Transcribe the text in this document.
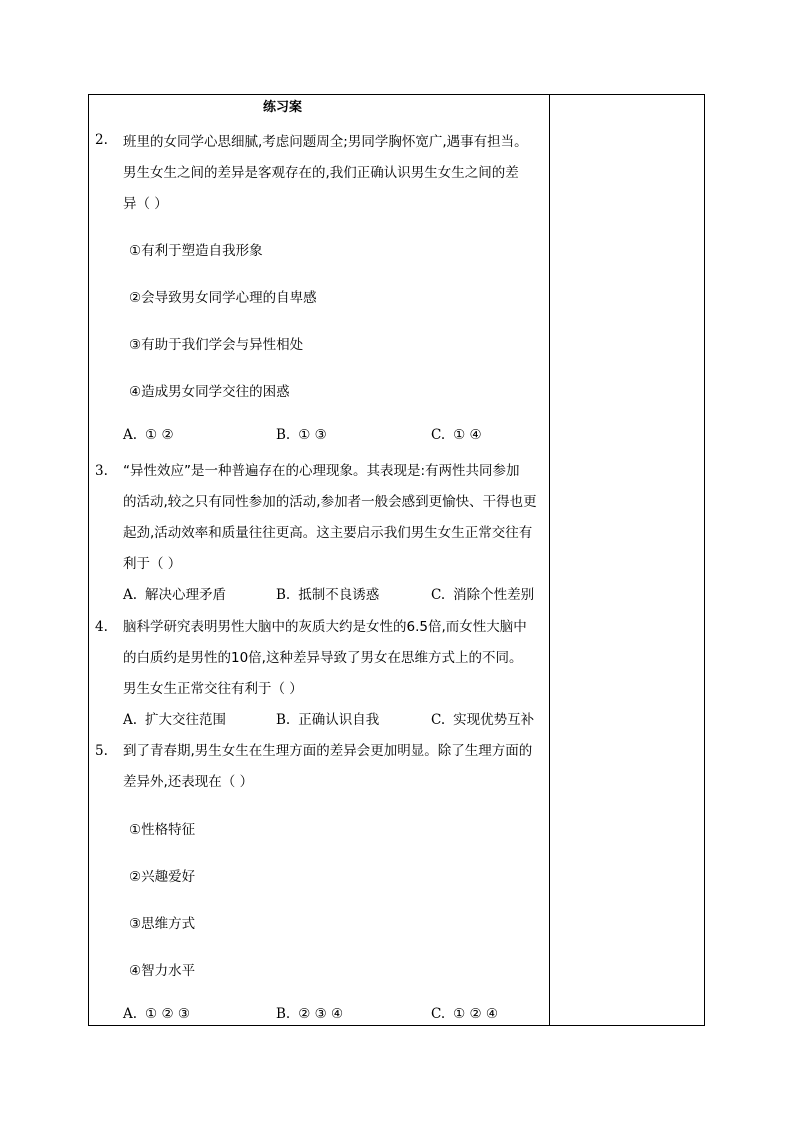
练习案
2. 班里的女同学心思细腻,考虑问题周全;男同学胸怀宽广,遇事有担当。
男生女生之间的差异是客观存在的,我们正确认识男生女生之间的差
异（ ）
①有利于塑造自我形象
②会导致男女同学心理的自卑感
③有助于我们学会与异性相处
④造成男女同学交往的困惑
A. ① ②	B. ① ③	C. ① ④
3. “异性效应”是一种普遍存在的心理现象。其表现是:有两性共同参加
的活动,较之只有同性参加的活动,参加者一般会感到更愉快、干得也更
起劲,活动效率和质量往往更高。这主要启示我们男生女生正常交往有
利于（ ）
A. 解决心理矛盾	B. 抵制不良诱惑	C. 消除个性差别
4. 脑科学研究表明男性大脑中的灰质大约是女性的6.5倍,而女性大脑中
的白质约是男性的10倍,这种差异导致了男女在思维方式上的不同。
男生女生正常交往有利于（ ）
A. 扩大交往范围	B. 正确认识自我	C. 实现优势互补
5. 到了青春期,男生女生在生理方面的差异会更加明显。除了生理方面的
差异外,还表现在（ ）
①性格特征
②兴趣爱好
③思维方式
④智力水平
A. ① ② ③	B. ② ③ ④	C. ① ② ④
